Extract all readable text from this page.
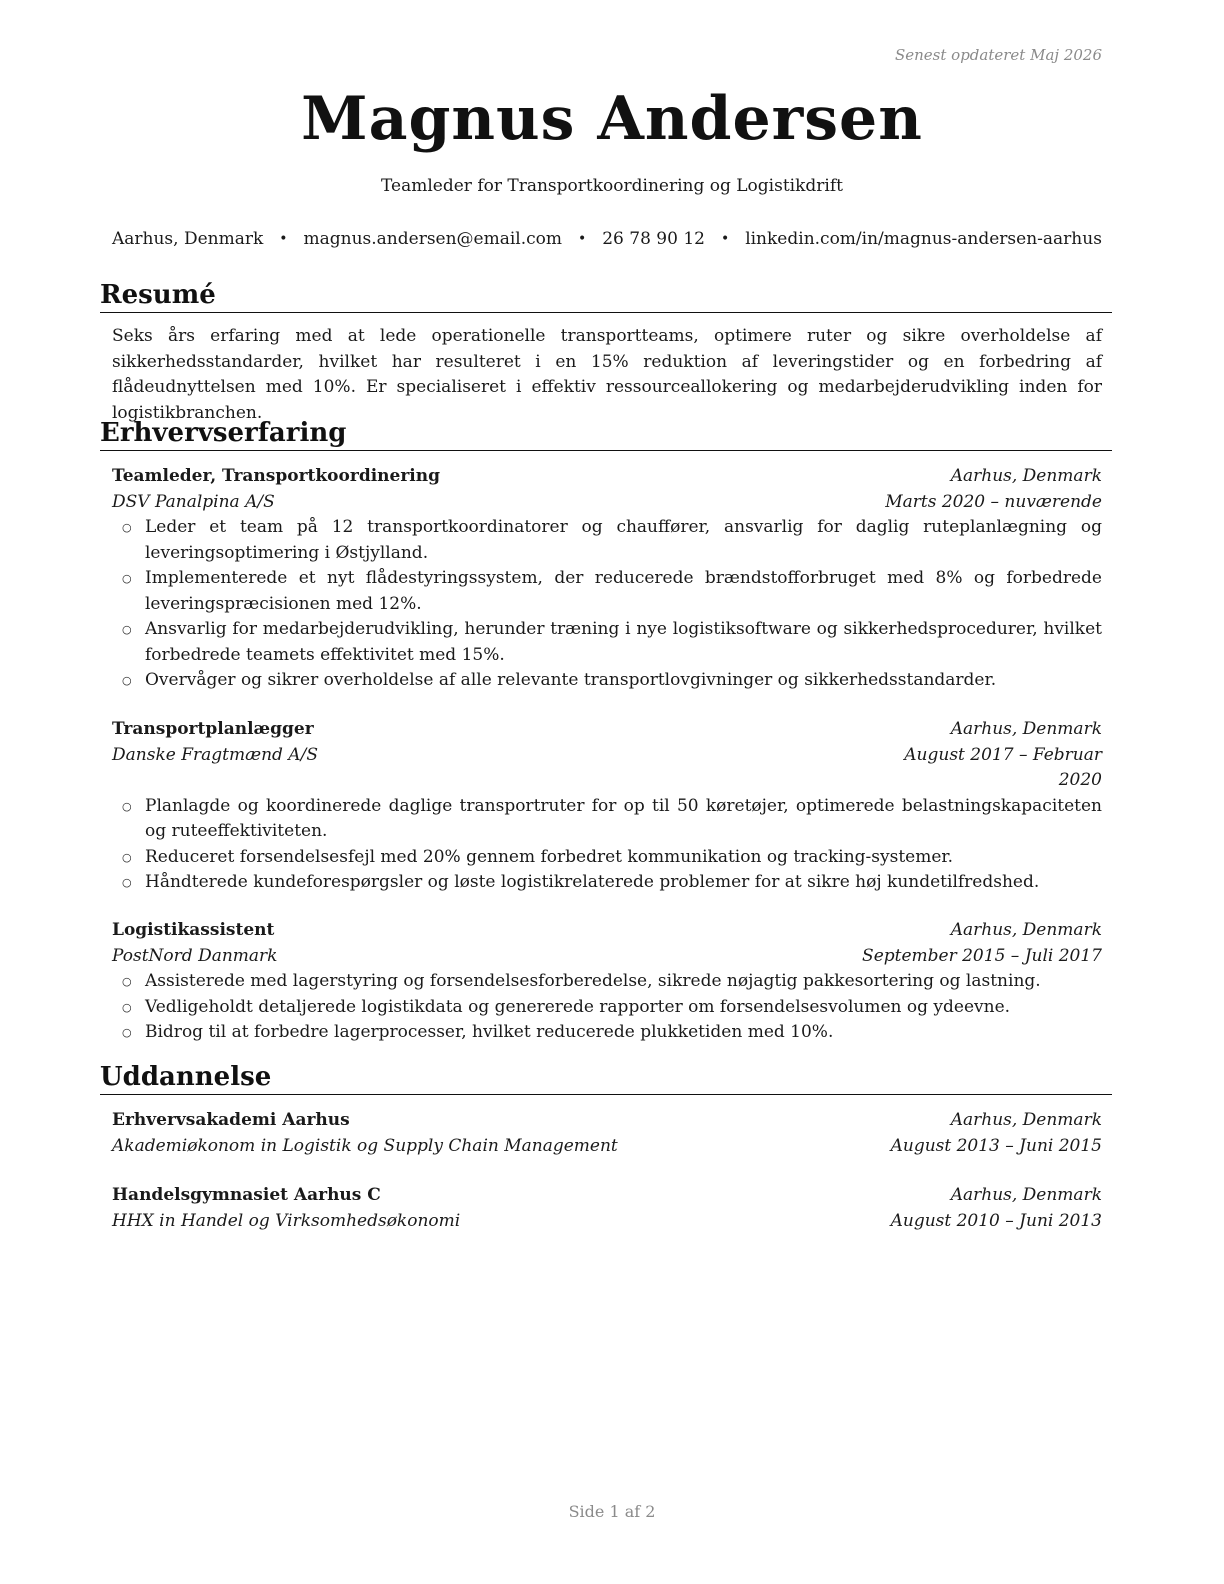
Senest opdateret Maj 2026
Magnus Andersen
Teamleder for Transportkoordinering og Logistikdrift
Aarhus, Denmark • magnus.andersen@email.com • 26 78 90 12 • linkedin.com/in/magnus-andersen-aarhus
Resumé
Seks års erfaring med at lede operationelle transportteams, optimere ruter og sikre overholdelse af sikkerhedsstandarder, hvilket har resulteret i en 15% reduktion af leveringstider og en forbedring af flådeudnyttelsen med 10%. Er specialiseret i effektiv ressourceallokering og medarbejderudvikling inden for logistikbranchen.
Erhvervserfaring
Teamleder, Transportkoordinering	Aarhus, Denmark
DSV Panalpina A/S	Marts 2020 – nuværende
○ Leder et team på 12 transportkoordinatorer og chauffører, ansvarlig for daglig ruteplanlægning og leveringsoptimering i Østjylland.
○ Implementerede et nyt flådestyringssystem, der reducerede brændstofforbruget med 8% og forbedrede leveringspræcisionen med 12%.
○ Ansvarlig for medarbejderudvikling, herunder træning i nye logistiksoftware og sikkerhedsprocedurer, hvilket forbedrede teamets effektivitet med 15%.
○ Overvåger og sikrer overholdelse af alle relevante transportlovgivninger og sikkerhedsstandarder.
Transportplanlægger	Aarhus, Denmark
Danske Fragtmænd A/S	August 2017 – Februar 2020
○ Planlagde og koordinerede daglige transportruter for op til 50 køretøjer, optimerede belastningskapaciteten og ruteeffektiviteten.
○ Reduceret forsendelsesfejl med 20% gennem forbedret kommunikation og tracking-systemer.
○ Håndterede kundeforespørgsler og løste logistikrelaterede problemer for at sikre høj kundetilfredshed.
Logistikassistent	Aarhus, Denmark
PostNord Danmark	September 2015 – Juli 2017
○ Assisterede med lagerstyring og forsendelsesforberedelse, sikrede nøjagtig pakkesortering og lastning.
○ Vedligeholdt detaljerede logistikdata og genererede rapporter om forsendelsesvolumen og ydeevne.
○ Bidrog til at forbedre lagerprocesser, hvilket reducerede plukketiden med 10%.
Uddannelse
Erhvervsakademi Aarhus	Aarhus, Denmark
Akademiøkonom in Logistik og Supply Chain Management	August 2013 – Juni 2015
Handelsgymnasiet Aarhus C	Aarhus, Denmark
HHX in Handel og Virksomhedsøkonomi	August 2010 – Juni 2013
Side 1 af 2
